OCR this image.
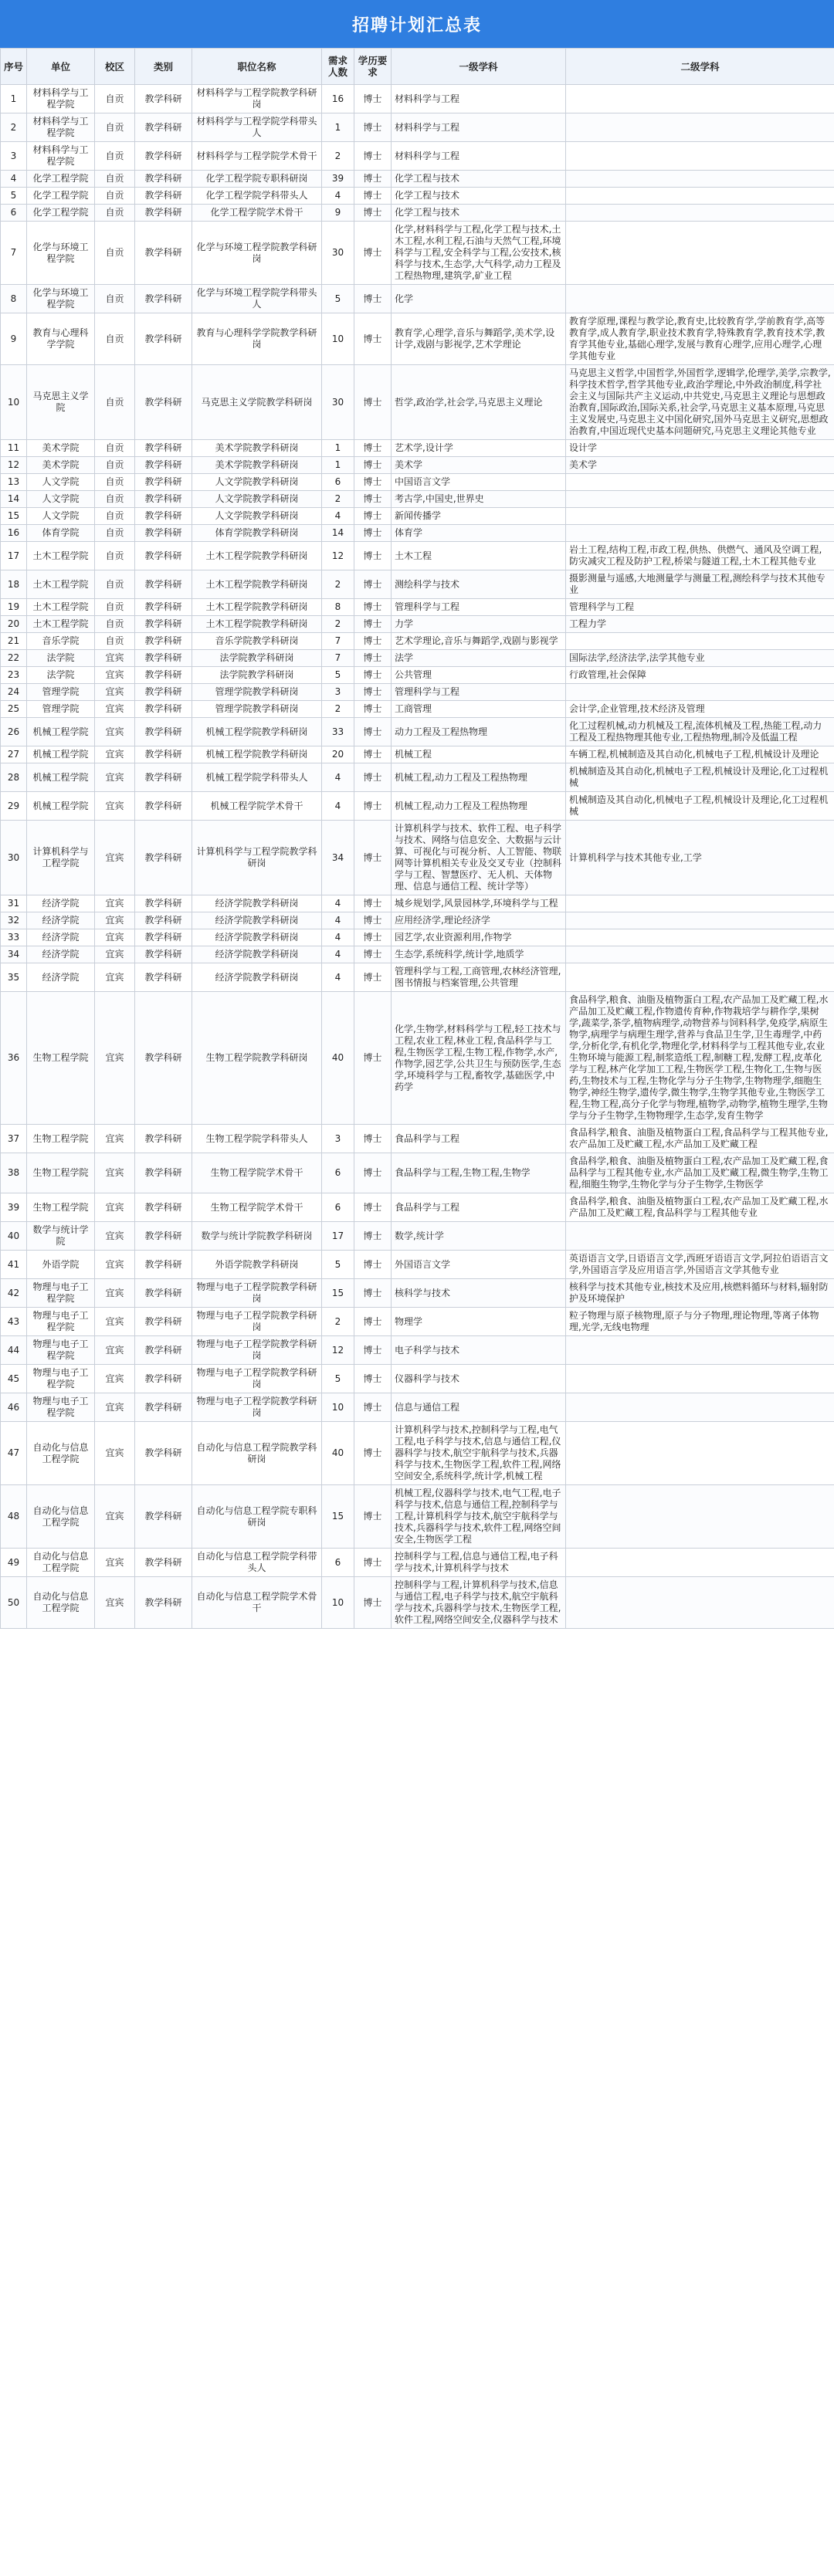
招聘计划汇总表
序号	单位	校区	类别	职位名称	需求人数	学历要求	一级学科	二级学科
1	材料科学与工程学院	自贡	教学科研	材料科学与工程学院教学科研岗	16	博士	材料科学与工程	
2	材料科学与工程学院	自贡	教学科研	材料科学与工程学院学科带头人	1	博士	材料科学与工程	
3	材料科学与工程学院	自贡	教学科研	材料科学与工程学院学术骨干	2	博士	材料科学与工程	
4	化学工程学院	自贡	教学科研	化学工程学院专职科研岗	39	博士	化学工程与技术	
5	化学工程学院	自贡	教学科研	化学工程学院学科带头人	4	博士	化学工程与技术	
6	化学工程学院	自贡	教学科研	化学工程学院学术骨干	9	博士	化学工程与技术	
7	化学与环境工程学院	自贡	教学科研	化学与环境工程学院教学科研岗	30	博士	化学,材料科学与工程,化学工程与技术,土木工程,水利工程,石油与天然气工程,环境科学与工程,安全科学与工程,公安技术,核科学与技术,生态学,大气科学,动力工程及工程热物理,建筑学,矿业工程	
8	化学与环境工程学院	自贡	教学科研	化学与环境工程学院学科带头人	5	博士	化学	
9	教育与心理科学学院	自贡	教学科研	教育与心理科学学院教学科研岗	10	博士	教育学,心理学,音乐与舞蹈学,美术学,设计学,戏剧与影视学,艺术学理论	教育学原理,课程与教学论,教育史,比较教育学,学前教育学,高等教育学,成人教育学,职业技术教育学,特殊教育学,教育技术学,教育学其他专业,基础心理学,发展与教育心理学,应用心理学,心理学其他专业
10	马克思主义学院	自贡	教学科研	马克思主义学院教学科研岗	30	博士	哲学,政治学,社会学,马克思主义理论	马克思主义哲学,中国哲学,外国哲学,逻辑学,伦理学,美学,宗教学,科学技术哲学,哲学其他专业,政治学理论,中外政治制度,科学社会主义与国际共产主义运动,中共党史,马克思主义理论与思想政治教育,国际政治,国际关系,社会学,马克思主义基本原理,马克思主义发展史,马克思主义中国化研究,国外马克思主义研究,思想政治教育,中国近现代史基本问题研究,马克思主义理论其他专业
11	美术学院	自贡	教学科研	美术学院教学科研岗	1	博士	艺术学,设计学	设计学
12	美术学院	自贡	教学科研	美术学院教学科研岗	1	博士	美术学	美术学
13	人文学院	自贡	教学科研	人文学院教学科研岗	6	博士	中国语言文学	
14	人文学院	自贡	教学科研	人文学院教学科研岗	2	博士	考古学,中国史,世界史	
15	人文学院	自贡	教学科研	人文学院教学科研岗	4	博士	新闻传播学	
16	体育学院	自贡	教学科研	体育学院教学科研岗	14	博士	体育学	
17	土木工程学院	自贡	教学科研	土木工程学院教学科研岗	12	博士	土木工程	岩土工程,结构工程,市政工程,供热、供燃气、通风及空调工程,防灾减灾工程及防护工程,桥梁与隧道工程,土木工程其他专业
18	土木工程学院	自贡	教学科研	土木工程学院教学科研岗	2	博士	测绘科学与技术	摄影测量与遥感,大地测量学与测量工程,测绘科学与技术其他专业
19	土木工程学院	自贡	教学科研	土木工程学院教学科研岗	8	博士	管理科学与工程	管理科学与工程
20	土木工程学院	自贡	教学科研	土木工程学院教学科研岗	2	博士	力学	工程力学
21	音乐学院	自贡	教学科研	音乐学院教学科研岗	7	博士	艺术学理论,音乐与舞蹈学,戏剧与影视学	
22	法学院	宜宾	教学科研	法学院教学科研岗	7	博士	法学	国际法学,经济法学,法学其他专业
23	法学院	宜宾	教学科研	法学院教学科研岗	5	博士	公共管理	行政管理,社会保障
24	管理学院	宜宾	教学科研	管理学院教学科研岗	3	博士	管理科学与工程	
25	管理学院	宜宾	教学科研	管理学院教学科研岗	2	博士	工商管理	会计学,企业管理,技术经济及管理
26	机械工程学院	宜宾	教学科研	机械工程学院教学科研岗	33	博士	动力工程及工程热物理	化工过程机械,动力机械及工程,流体机械及工程,热能工程,动力工程及工程热物理其他专业,工程热物理,制冷及低温工程
27	机械工程学院	宜宾	教学科研	机械工程学院教学科研岗	20	博士	机械工程	车辆工程,机械制造及其自动化,机械电子工程,机械设计及理论
28	机械工程学院	宜宾	教学科研	机械工程学院学科带头人	4	博士	机械工程,动力工程及工程热物理	机械制造及其自动化,机械电子工程,机械设计及理论,化工过程机械
29	机械工程学院	宜宾	教学科研	机械工程学院学术骨干	4	博士	机械工程,动力工程及工程热物理	机械制造及其自动化,机械电子工程,机械设计及理论,化工过程机械
30	计算机科学与工程学院	宜宾	教学科研	计算机科学与工程学院教学科研岗	34	博士	计算机科学与技术、软件工程、电子科学与技术、网络与信息安全、大数据与云计算、可视化与可视分析、人工智能、物联网等计算机相关专业及交叉专业（控制科学与工程、智慧医疗、无人机、天体物理、信息与通信工程、统计学等）	计算机科学与技术其他专业,工学
31	经济学院	宜宾	教学科研	经济学院教学科研岗	4	博士	城乡规划学,风景园林学,环境科学与工程	
32	经济学院	宜宾	教学科研	经济学院教学科研岗	4	博士	应用经济学,理论经济学	
33	经济学院	宜宾	教学科研	经济学院教学科研岗	4	博士	园艺学,农业资源利用,作物学	
34	经济学院	宜宾	教学科研	经济学院教学科研岗	4	博士	生态学,系统科学,统计学,地质学	
35	经济学院	宜宾	教学科研	经济学院教学科研岗	4	博士	管理科学与工程,工商管理,农林经济管理,图书情报与档案管理,公共管理	
36	生物工程学院	宜宾	教学科研	生物工程学院教学科研岗	40	博士	化学,生物学,材料科学与工程,轻工技术与工程,农业工程,林业工程,食品科学与工程,生物医学工程,生物工程,作物学,水产,作物学,园艺学,公共卫生与预防医学,生态学,环境科学与工程,畜牧学,基础医学,中药学	食品科学,粮食、油脂及植物蛋白工程,农产品加工及贮藏工程,水产品加工及贮藏工程,作物遗传育种,作物栽培学与耕作学,果树学,蔬菜学,茶学,植物病理学,动物营养与饲料科学,免疫学,病原生物学,病理学与病理生理学,营养与食品卫生学,卫生毒理学,中药学,分析化学,有机化学,物理化学,材料科学与工程其他专业,农业生物环境与能源工程,制浆造纸工程,制糖工程,发酵工程,皮革化学与工程,林产化学加工工程,生物医学工程,生物化工,生物与医药,生物技术与工程,生物化学与分子生物学,生物物理学,细胞生物学,神经生物学,遗传学,微生物学,生物学其他专业,生物医学工程,生物工程,高分子化学与物理,植物学,动物学,植物生理学,生物学与分子生物学,生物物理学,生态学,发育生物学
37	生物工程学院	宜宾	教学科研	生物工程学院学科带头人	3	博士	食品科学与工程	食品科学,粮食、油脂及植物蛋白工程,食品科学与工程其他专业,农产品加工及贮藏工程,水产品加工及贮藏工程
38	生物工程学院	宜宾	教学科研	生物工程学院学术骨干	6	博士	食品科学与工程,生物工程,生物学	食品科学,粮食、油脂及植物蛋白工程,农产品加工及贮藏工程,食品科学与工程其他专业,水产品加工及贮藏工程,微生物学,生物工程,细胞生物学,生物化学与分子生物学,生物医学
39	生物工程学院	宜宾	教学科研	生物工程学院学术骨干	6	博士	食品科学与工程	食品科学,粮食、油脂及植物蛋白工程,农产品加工及贮藏工程,水产品加工及贮藏工程,食品科学与工程其他专业
40	数学与统计学院	宜宾	教学科研	数学与统计学院教学科研岗	17	博士	数学,统计学	
41	外语学院	宜宾	教学科研	外语学院教学科研岗	5	博士	外国语言文学	英语语言文学,日语语言文学,西班牙语语言文学,阿拉伯语语言文学,外国语言学及应用语言学,外国语言文学其他专业
42	物理与电子工程学院	宜宾	教学科研	物理与电子工程学院教学科研岗	15	博士	核科学与技术	核科学与技术其他专业,核技术及应用,核燃料循环与材料,辐射防护及环境保护
43	物理与电子工程学院	宜宾	教学科研	物理与电子工程学院教学科研岗	2	博士	物理学	粒子物理与原子核物理,原子与分子物理,理论物理,等离子体物理,光学,无线电物理
44	物理与电子工程学院	宜宾	教学科研	物理与电子工程学院教学科研岗	12	博士	电子科学与技术	
45	物理与电子工程学院	宜宾	教学科研	物理与电子工程学院教学科研岗	5	博士	仪器科学与技术	
46	物理与电子工程学院	宜宾	教学科研	物理与电子工程学院教学科研岗	10	博士	信息与通信工程	
47	自动化与信息工程学院	宜宾	教学科研	自动化与信息工程学院教学科研岗	40	博士	计算机科学与技术,控制科学与工程,电气工程,电子科学与技术,信息与通信工程,仪器科学与技术,航空宇航科学与技术,兵器科学与技术,生物医学工程,软件工程,网络空间安全,系统科学,统计学,机械工程	
48	自动化与信息工程学院	宜宾	教学科研	自动化与信息工程学院专职科研岗	15	博士	机械工程,仪器科学与技术,电气工程,电子科学与技术,信息与通信工程,控制科学与工程,计算机科学与技术,航空宇航科学与技术,兵器科学与技术,软件工程,网络空间安全,生物医学工程	
49	自动化与信息工程学院	宜宾	教学科研	自动化与信息工程学院学科带头人	6	博士	控制科学与工程,信息与通信工程,电子科学与技术,计算机科学与技术	
50	自动化与信息工程学院	宜宾	教学科研	自动化与信息工程学院学术骨干	10	博士	控制科学与工程,计算机科学与技术,信息与通信工程,电子科学与技术,航空宇航科学与技术,兵器科学与技术,生物医学工程,软件工程,网络空间安全,仪器科学与技术	
